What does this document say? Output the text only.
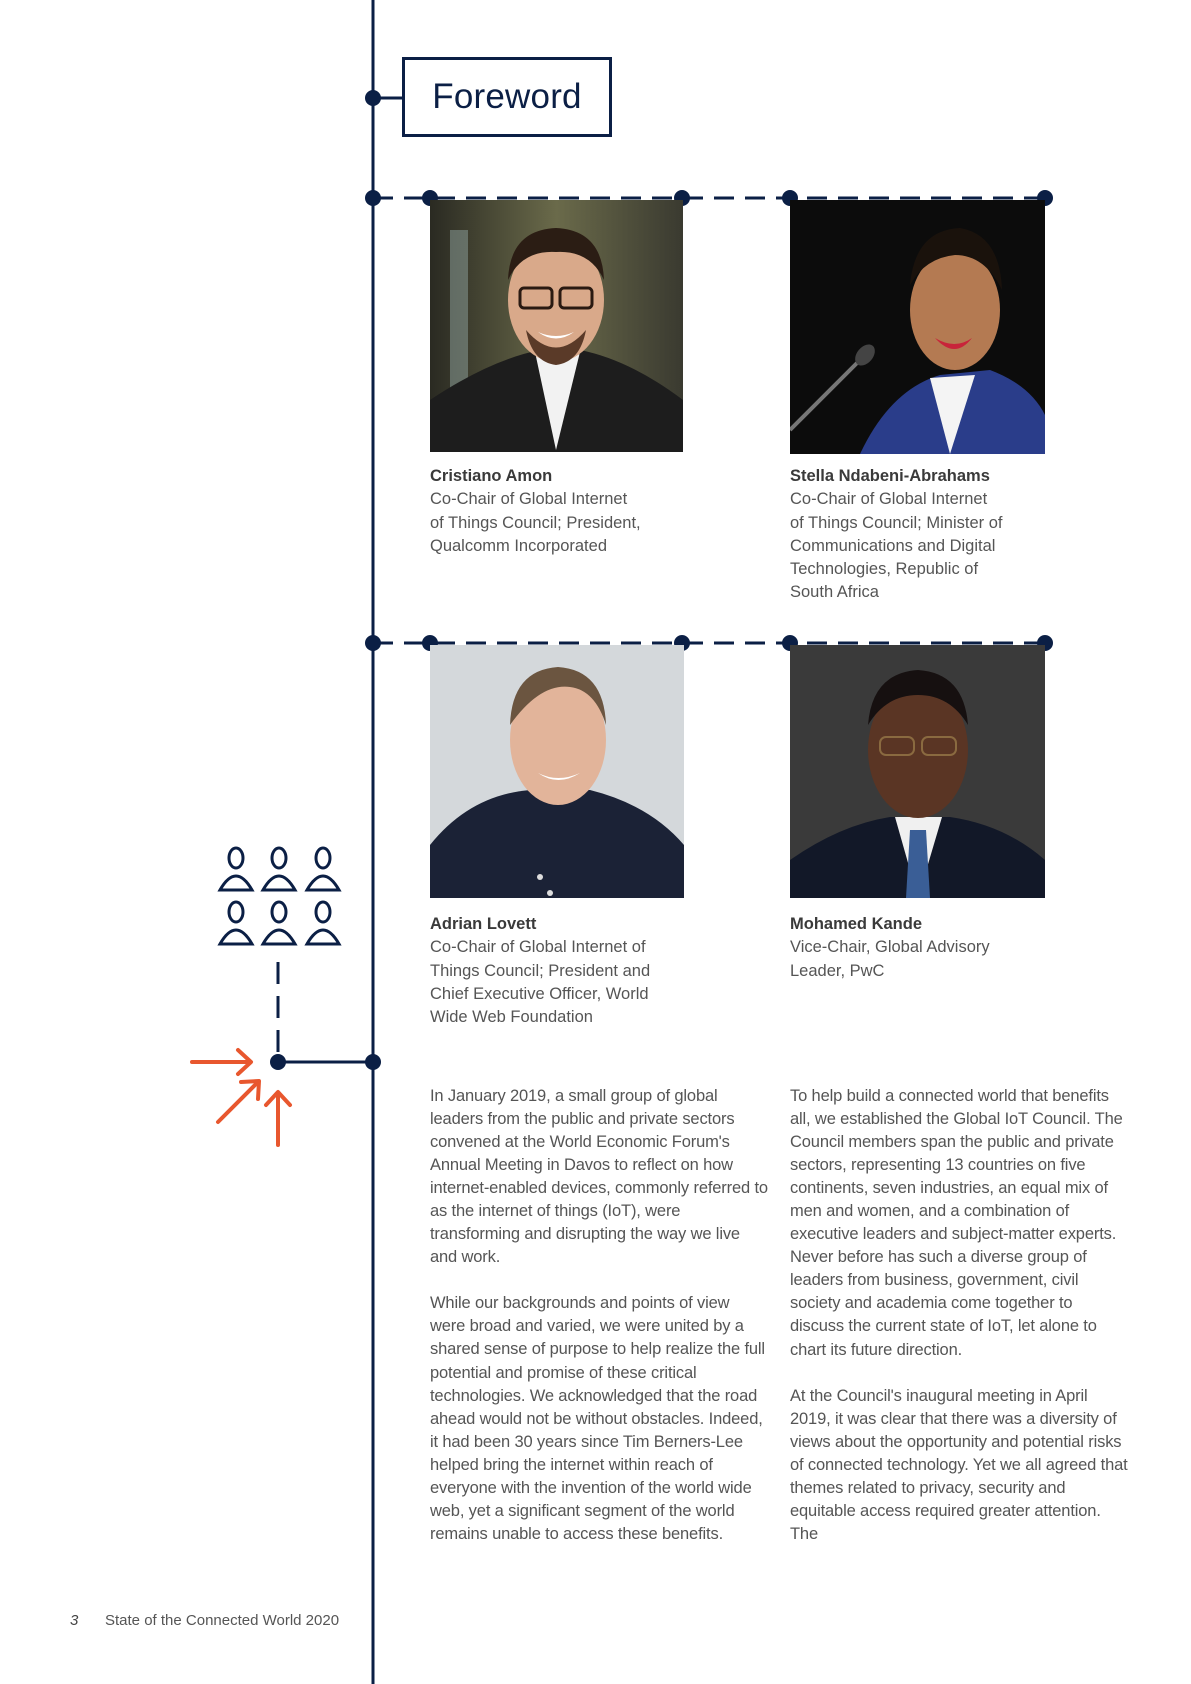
Foreword
Cristiano Amon
Co-Chair of Global Internet
of Things Council; President,
Qualcomm Incorporated
Stella Ndabeni-Abrahams
Co-Chair of Global Internet
of Things Council; Minister of
Communications and Digital
Technologies, Republic of
South Africa
Adrian Lovett
Co-Chair of Global Internet of
Things Council; President and
Chief Executive Officer, World
Wide Web Foundation
Mohamed Kande
Vice-Chair, Global Advisory
Leader, PwC

In January 2019, a small group of global leaders from the public and private sectors convened at the World Economic Forum's Annual Meeting in Davos to reflect on how internet-enabled devices, commonly referred to as the internet of things (IoT), were transforming and disrupting the way we live and work.

While our backgrounds and points of view were broad and varied, we were united by a shared sense of purpose to help realize the full potential and promise of these critical technologies. We acknowledged that the road ahead would not be without obstacles. Indeed, it had been 30 years since Tim Berners-Lee helped bring the internet within reach of everyone with the invention of the world wide web, yet a significant segment of the world remains unable to access these benefits.

To help build a connected world that benefits all, we established the Global IoT Council. The Council members span the public and private sectors, representing 13 countries on five continents, seven industries, an equal mix of men and women, and a combination of executive leaders and subject-matter experts. Never before has such a diverse group of leaders from business, government, civil society and academia come together to discuss the current state of IoT, let alone to chart its future direction.

At the Council's inaugural meeting in April 2019, it was clear that there was a diversity of views about the opportunity and potential risks of connected technology. Yet we all agreed that themes related to privacy, security and equitable access required greater attention. The

3 State of the Connected World 2020
